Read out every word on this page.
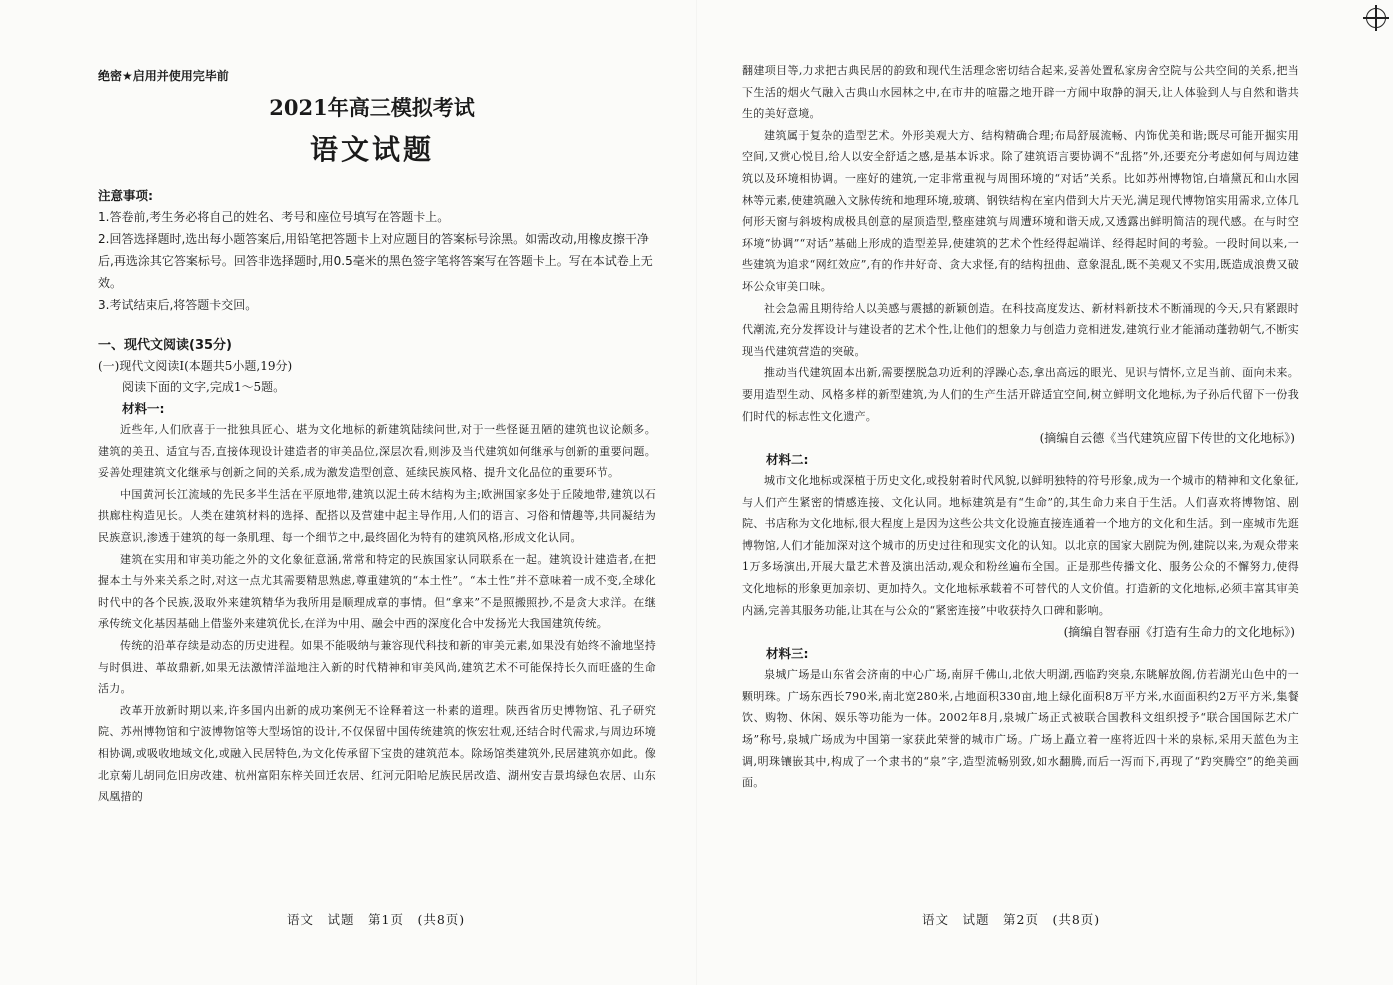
绝密★启用并使用完毕前

2021年高三模拟考试

语文试题

注意事项:

1.答卷前,考生务必将自己的姓名、考号和座位号填写在答题卡上。

2.回答选择题时,选出每小题答案后,用铅笔把答题卡上对应题目的答案标号涂黑。如需改动,用橡皮擦干净后,再选涂其它答案标号。回答非选择题时,用0.5毫米的黑色签字笔将答案写在答题卡上。写在本试卷上无效。

3.考试结束后,将答题卡交回。

一、现代文阅读(35分)

(一)现代文阅读Ⅰ(本题共5小题,19分)

阅读下面的文字,完成1～5题。

材料一:

近些年,人们欣喜于一批独具匠心、堪为文化地标的新建筑陆续问世,对于一些怪诞丑陋的建筑也议论颇多。建筑的美丑、适宜与否,直接体现设计建造者的审美品位,深层次看,则涉及当代建筑如何继承与创新的重要问题。妥善处理建筑文化继承与创新之间的关系,成为激发造型创意、延续民族风格、提升文化品位的重要环节。

中国黄河长江流域的先民多半生活在平原地带,建筑以泥土砖木结构为主;欧洲国家多处于丘陵地带,建筑以石拱廊柱构造见长。人类在建筑材料的选择、配搭以及营建中起主导作用,人们的语言、习俗和情趣等,共同凝结为民族意识,渗透于建筑的每一条肌理、每一个细节之中,最终固化为特有的建筑风格,形成文化认同。

建筑在实用和审美功能之外的文化象征意涵,常常和特定的民族国家认同联系在一起。建筑设计建造者,在把握本土与外来关系之时,对这一点尤其需要精思熟虑,尊重建筑的“本土性”。“本土性”并不意味着一成不变,全球化时代中的各个民族,汲取外来建筑精华为我所用是顺理成章的事情。但“拿来”不是照搬照抄,不是贪大求洋。在继承传统文化基因基础上借鉴外来建筑优长,在洋为中用、融会中西的深度化合中发扬光大我国建筑传统。

传统的沿革存续是动态的历史进程。如果不能吸纳与兼容现代科技和新的审美元素,如果没有始终不渝地坚持与时俱进、革故鼎新,如果无法激情洋溢地注入新的时代精神和审美风尚,建筑艺术不可能保持长久而旺盛的生命活力。

改革开放新时期以来,许多国内出新的成功案例无不诠释着这一朴素的道理。陕西省历史博物馆、孔子研究院、苏州博物馆和宁波博物馆等大型场馆的设计,不仅保留中国传统建筑的恢宏壮观,还结合时代需求,与周边环境相协调,或吸收地域文化,或融入民居特色,为文化传承留下宝贵的建筑范本。除场馆类建筑外,民居建筑亦如此。像北京菊儿胡同危旧房改建、杭州富阳东梓关回迁农居、红河元阳哈尼族民居改造、湖州安吉景坞绿色农居、山东凤凰措的

语文　试题　第1页　(共8页)

翻建项目等,力求把古典民居的韵致和现代生活理念密切结合起来,妥善处置私家房舍空院与公共空间的关系,把当下生活的烟火气融入古典山水园林之中,在市井的喧嚣之地开辟一方闹中取静的洞天,让人体验到人与自然和谐共生的美好意境。

建筑属于复杂的造型艺术。外形美观大方、结构精确合理;布局舒展流畅、内饰优美和谐;既尽可能开掘实用空间,又赏心悦目,给人以安全舒适之感,是基本诉求。除了建筑语言要协调不“乱搭”外,还要充分考虑如何与周边建筑以及环境相协调。一座好的建筑,一定非常重视与周围环境的“对话”关系。比如苏州博物馆,白墙黛瓦和山水园林等元素,使建筑融入文脉传统和地理环境,玻璃、钢铁结构在室内借到大片天光,满足现代博物馆实用需求,立体几何形天窗与斜坡构成极具创意的屋顶造型,整座建筑与周遭环境和谐天成,又透露出鲜明简洁的现代感。在与时空环境“协调”“对话”基础上形成的造型差异,使建筑的艺术个性经得起端详、经得起时间的考验。一段时间以来,一些建筑为追求“网红效应”,有的作井好奇、贪大求怪,有的结构扭曲、意象混乱,既不美观又不实用,既造成浪费又破坏公众审美口味。

社会急需且期待给人以美感与震撼的新颖创造。在科技高度发达、新材料新技术不断涌现的今天,只有紧跟时代潮流,充分发挥设计与建设者的艺术个性,让他们的想象力与创造力竞相迸发,建筑行业才能涌动蓬勃朝气,不断实现当代建筑营造的突破。

推动当代建筑固本出新,需要摆脱急功近利的浮躁心态,拿出高远的眼光、见识与情怀,立足当前、面向未来。要用造型生动、风格多样的新型建筑,为人们的生产生活开辟适宜空间,树立鲜明文化地标,为子孙后代留下一份我们时代的标志性文化遗产。

(摘编自云德《当代建筑应留下传世的文化地标》)

材料二:

城市文化地标或深植于历史文化,或投射着时代风貌,以鲜明独特的符号形象,成为一个城市的精神和文化象征,与人们产生紧密的情感连接、文化认同。地标建筑是有“生命”的,其生命力来自于生活。人们喜欢将博物馆、剧院、书店称为文化地标,很大程度上是因为这些公共文化设施直接连通着一个地方的文化和生活。到一座城市先逛博物馆,人们才能加深对这个城市的历史过往和现实文化的认知。以北京的国家大剧院为例,建院以来,为观众带来1万多场演出,开展大量艺术普及演出活动,观众和粉丝遍布全国。正是那些传播文化、服务公众的不懈努力,使得文化地标的形象更加亲切、更加持久。文化地标承载着不可替代的人文价值。打造新的文化地标,必须丰富其审美内涵,完善其服务功能,让其在与公众的“紧密连接”中收获持久口碑和影响。

(摘编自智春丽《打造有生命力的文化地标》)

材料三:

泉城广场是山东省会济南的中心广场,南屏千佛山,北依大明湖,西临趵突泉,东眺解放阁,仿若湖光山色中的一颗明珠。广场东西长790米,南北宽280米,占地面积330亩,地上绿化面积8万平方米,水面面积约2万平方米,集餐饮、购物、休闲、娱乐等功能为一体。2002年8月,泉城广场正式被联合国教科文组织授予“联合国国际艺术广场”称号,泉城广场成为中国第一家获此荣誉的城市广场。广场上矗立着一座将近四十米的泉标,采用天蓝色为主调,明珠镶嵌其中,构成了一个隶书的“泉”字,造型流畅别致,如水翻腾,而后一泻而下,再现了“趵突腾空”的绝美画面。

语文　试题　第2页　(共8页)
